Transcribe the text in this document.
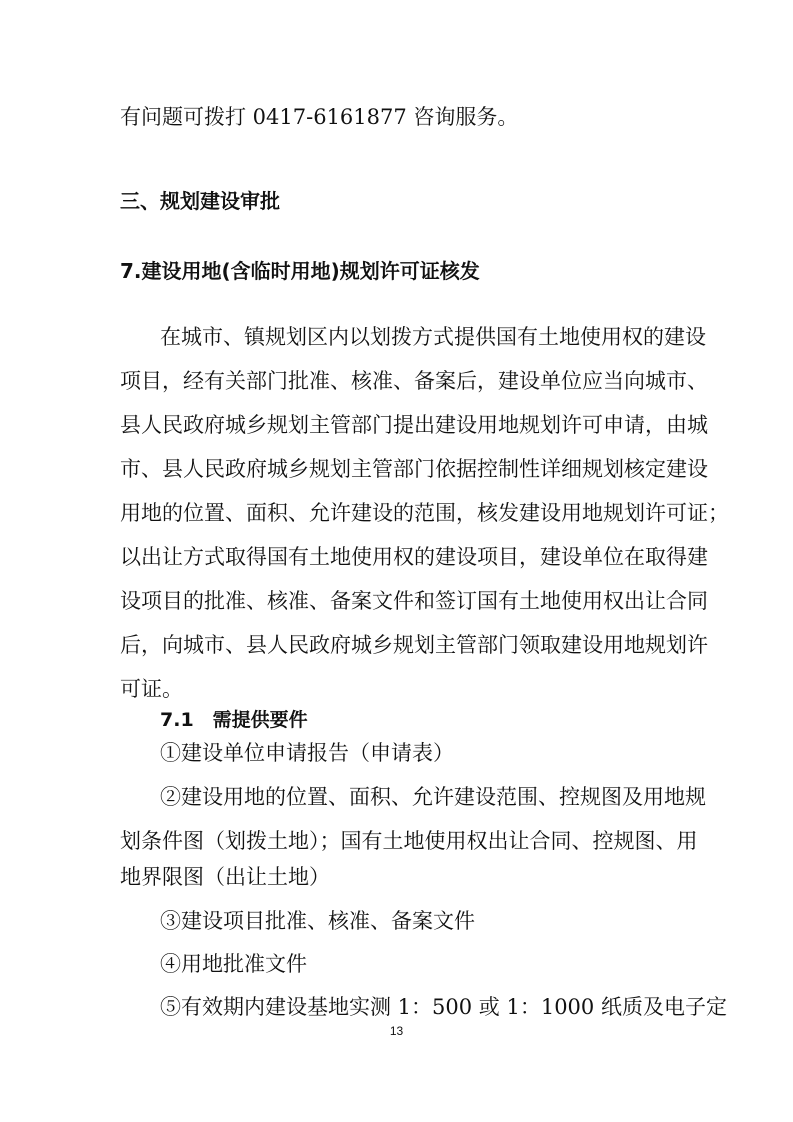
有问题可拨打 0417-6161877 咨询服务。
三、规划建设审批
7.建设用地(含临时用地)规划许可证核发
在城市、镇规划区内以划拨方式提供国有土地使用权的建设
项目，经有关部门批准、核准、备案后，建设单位应当向城市、
县人民政府城乡规划主管部门提出建设用地规划许可申请，由城
市、县人民政府城乡规划主管部门依据控制性详细规划核定建设
用地的位置、面积、允许建设的范围，核发建设用地规划许可证；
以出让方式取得国有土地使用权的建设项目，建设单位在取得建
设项目的批准、核准、备案文件和签订国有土地使用权出让合同
后，向城市、县人民政府城乡规划主管部门领取建设用地规划许
可证。
7.1　需提供要件
①建设单位申请报告（申请表）
②建设用地的位置、面积、允许建设范围、控规图及用地规
划条件图（划拨土地）；国有土地使用权出让合同、控规图、用
地界限图（出让土地）
③建设项目批准、核准、备案文件
④用地批准文件
⑤有效期内建设基地实测 1：500 或 1：1000 纸质及电子定
13
